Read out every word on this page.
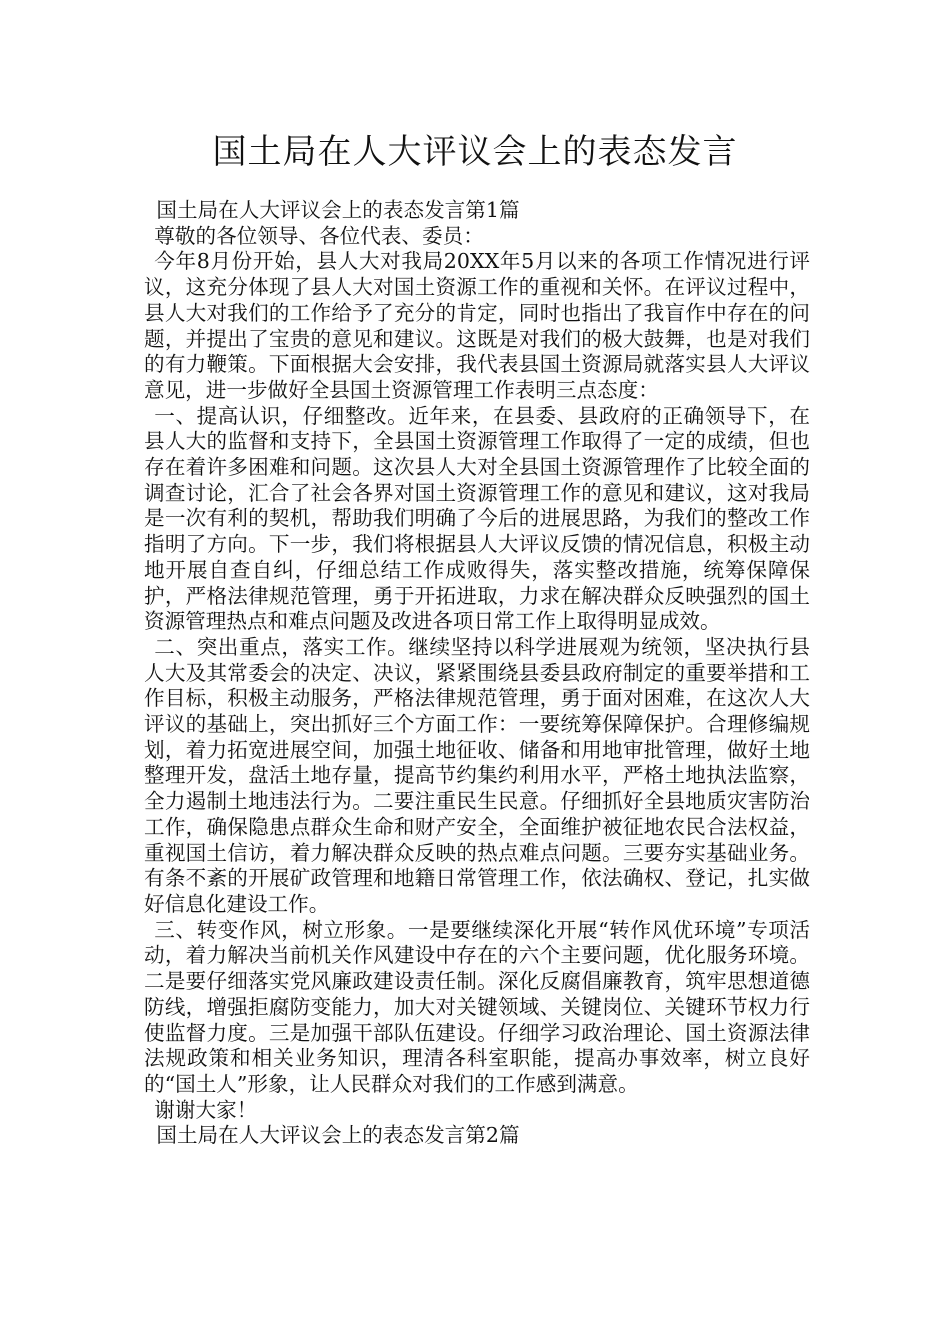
国土局在人大评议会上的表态发言

国土局在人大评议会上的表态发言第1篇

尊敬的各位领导、各位代表、委员：

今年8月份开始，县人大对我局20XX年5月以来的各项工作情况进行评议，这充分体现了县人大对国土资源工作的重视和关怀。在评议过程中，县人大对我们的工作给予了充分的肯定，同时也指出了我盲作中存在的问题，并提出了宝贵的意见和建议。这既是对我们的极大鼓舞，也是对我们的有力鞭策。下面根据大会安排，我代表县国土资源局就落实县人大评议意见，进一步做好全县国土资源管理工作表明三点态度：

一、提高认识，仔细整改。近年来，在县委、县政府的正确领导下，在县人大的监督和支持下，全县国土资源管理工作取得了一定的成绩，但也存在着许多困难和问题。这次县人大对全县国土资源管理作了比较全面的调查讨论，汇合了社会各界对国土资源管理工作的意见和建议，这对我局是一次有利的契机，帮助我们明确了今后的进展思路，为我们的整改工作指明了方向。下一步，我们将根据县人大评议反馈的情况信息，积极主动地开展自查自纠，仔细总结工作成败得失，落实整改措施，统筹保障保护，严格法律规范管理，勇于开拓进取，力求在解决群众反映强烈的国土资源管理热点和难点问题及改进各项日常工作上取得明显成效。

二、突出重点，落实工作。继续坚持以科学进展观为统领，坚决执行县人大及其常委会的决定、决议，紧紧围绕县委县政府制定的重要举措和工作目标，积极主动服务，严格法律规范管理，勇于面对困难，在这次人大评议的基础上，突出抓好三个方面工作：一要统筹保障保护。合理修编规划，着力拓宽进展空间，加强土地征收、储备和用地审批管理，做好土地整理开发，盘活土地存量，提高节约集约利用水平，严格土地执法监察，全力遏制土地违法行为。二要注重民生民意。仔细抓好全县地质灾害防治工作，确保隐患点群众生命和财产安全，全面维护被征地农民合法权益，重视国土信访，着力解决群众反映的热点难点问题。三要夯实基础业务。有条不紊的开展矿政管理和地籍日常管理工作，依法确权、登记，扎实做好信息化建设工作。

三、转变作风，树立形象。一是要继续深化开展“转作风优环境”专项活动，着力解决当前机关作风建设中存在的六个主要问题，优化服务环境。二是要仔细落实党风廉政建设责任制。深化反腐倡廉教育，筑牢思想道德防线，增强拒腐防变能力，加大对关键领域、关键岗位、关键环节权力行使监督力度。三是加强干部队伍建设。仔细学习政治理论、国土资源法律法规政策和相关业务知识，理清各科室职能，提高办事效率，树立良好的“国土人”形象，让人民群众对我们的工作感到满意。

谢谢大家！

国土局在人大评议会上的表态发言第2篇
